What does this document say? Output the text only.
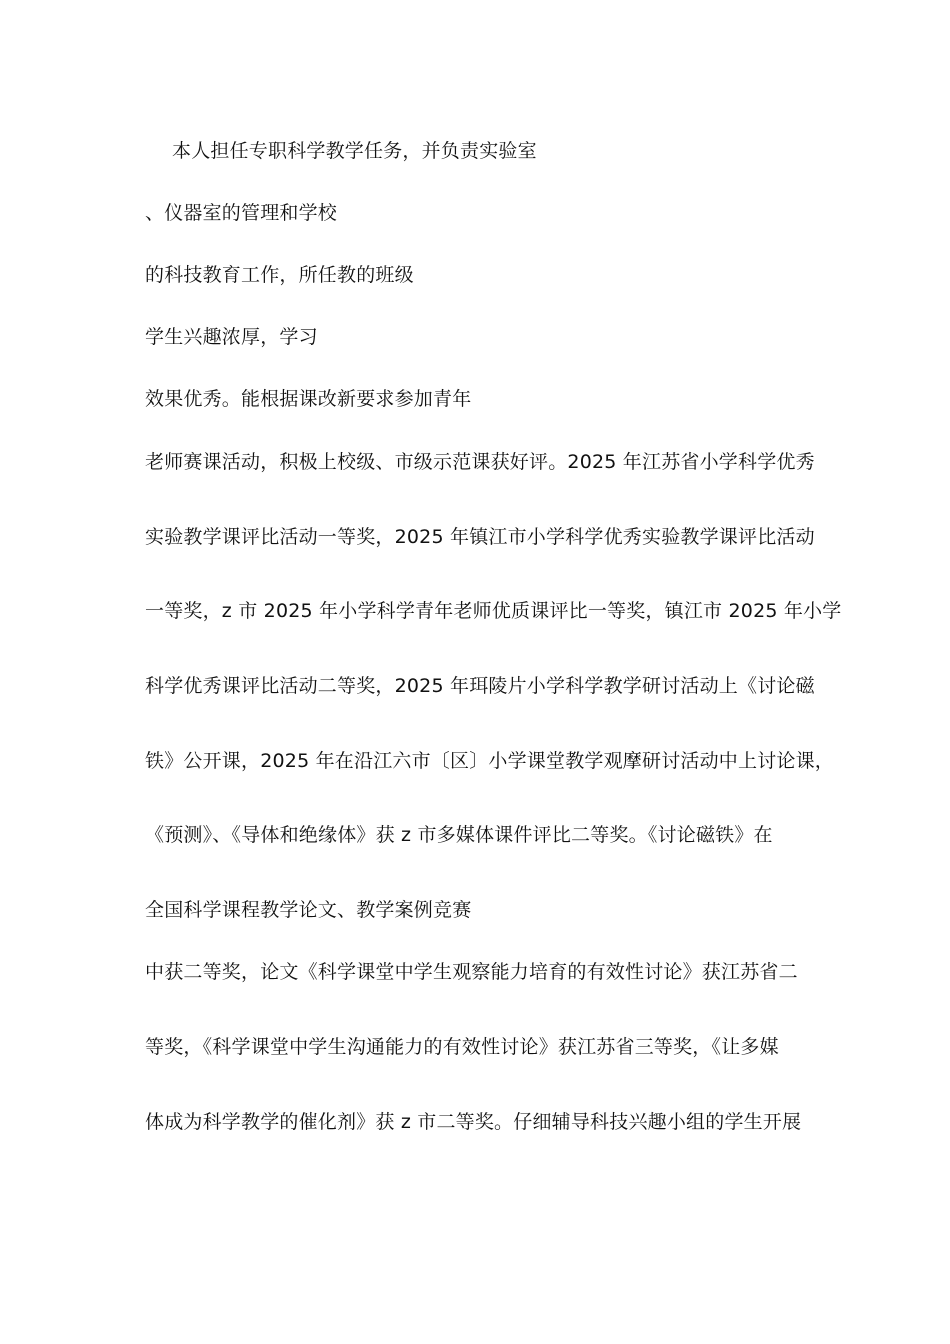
本人担任专职科学教学任务，并负责实验室
、仪器室的管理和学校
的科技教育工作，所任教的班级
学生兴趣浓厚，学习
效果优秀。能根据课改新要求参加青年
老师赛课活动，积极上校级、市级示范课获好评。2025 年江苏省小学科学优秀
实验教学课评比活动一等奖，2025 年镇江市小学科学优秀实验教学课评比活动
一等奖，z 市 2025 年小学科学青年老师优质课评比一等奖，镇江市 2025 年小学
科学优秀课评比活动二等奖，2025 年珥陵片小学科学教学研讨活动上《讨论磁
铁》公开课，2025 年在沿江六市〔区〕小学课堂教学观摩研讨活动中上讨论课，
《预测》、《导体和绝缘体》获 z 市多媒体课件评比二等奖。《讨论磁铁》在
全国科学课程教学论文、教学案例竞赛
中获二等奖，论文《科学课堂中学生观察能力培育的有效性讨论》获江苏省二
等奖，《科学课堂中学生沟通能力的有效性讨论》获江苏省三等奖，《让多媒
体成为科学教学的催化剂》获 z 市二等奖。仔细辅导科技兴趣小组的学生开展
